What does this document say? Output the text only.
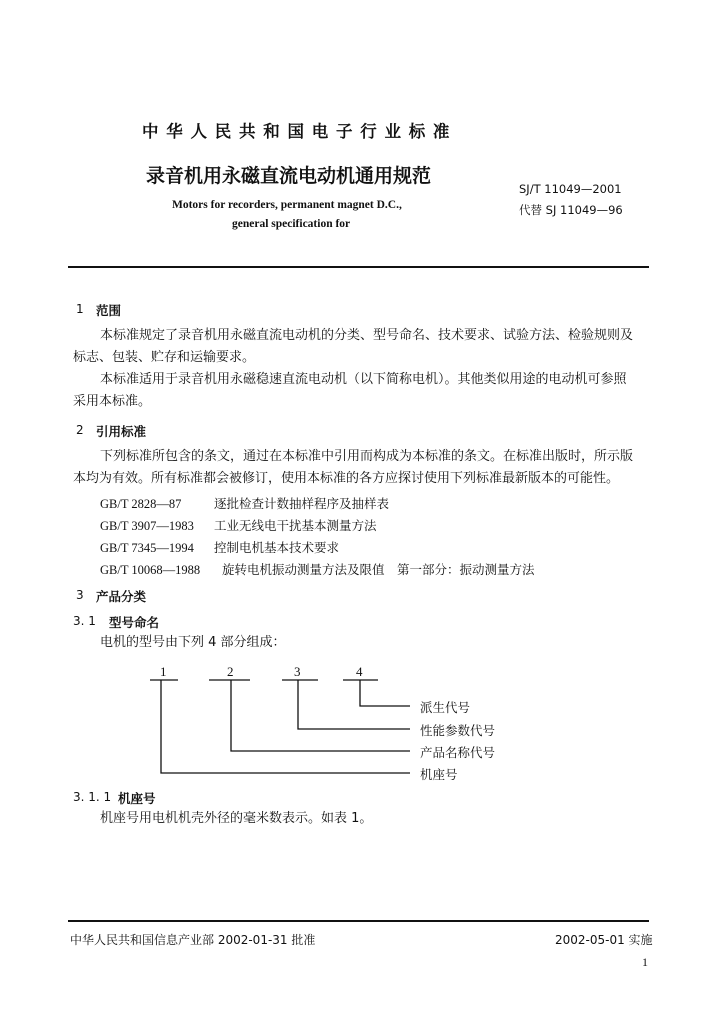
中 华 人 民 共 和 国 电 子 行 业 标 准
录音机用永磁直流电动机通用规范
Motors for recorders, permanent magnet D.C.,
general specification for
SJ/T 11049—2001
代替 SJ 11049—96
1 范围
本标准规定了录音机用永磁直流电动机的分类、型号命名、技术要求、试验方法、检验规则及
标志、包装、贮存和运输要求。
本标准适用于录音机用永磁稳速直流电动机（以下简称电机）。其他类似用途的电动机可参照
采用本标准。
2 引用标准
下列标准所包含的条文，通过在本标准中引用而构成为本标准的条文。在标准出版时，所示版
本均为有效。所有标准都会被修订，使用本标准的各方应探讨使用下列标准最新版本的可能性。
GB/T 2828—87	逐批检查计数抽样程序及抽样表
GB/T 3907—1983 工业无线电干扰基本测量方法
GB/T 7345—1994 控制电机基本技术要求
GB/T 10068—1988 旋转电机振动测量方法及限值　第一部分：振动测量方法
3 产品分类
3. 1 型号命名
电机的型号由下列 4 部分组成：
1	2	3	4
派生代号
性能参数代号
产品名称代号
机座号
3. 1. 1 机座号
机座号用电机机壳外径的毫米数表示。如表 1。
中华人民共和国信息产业部 2002-01-31 批准	2002-05-01 实施
1
